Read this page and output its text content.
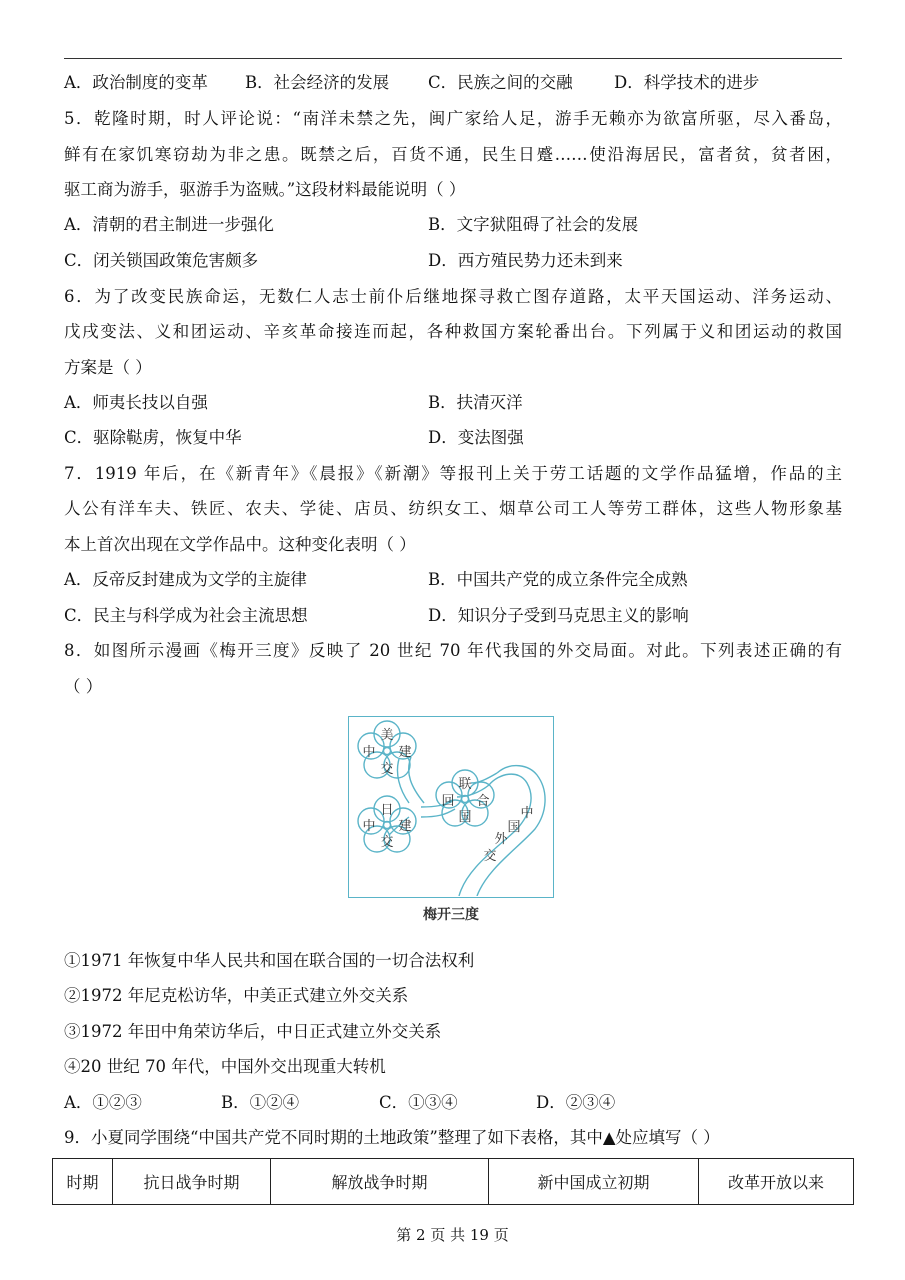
A．政治制度的变革 B．社会经济的发展 C．民族之间的交融	D．科学技术的进步
5．乾隆时期，时人评论说：“南洋未禁之先，闽广家给人足，游手无赖亦为欲富所驱，尽入番岛，
鲜有在家饥寒窃劫为非之患。既禁之后，百货不通，民生日蹙……使沿海居民，富者贫，贫者困，
驱工商为游手，驱游手为盗贼。”这段材料最能说明（ ）
A．清朝的君主制进一步强化	B．文字狱阻碍了社会的发展
C．闭关锁国政策危害颇多	D．西方殖民势力还未到来
6．为了改变民族命运，无数仁人志士前仆后继地探寻救亡图存道路，太平天国运动、洋务运动、
戊戌变法、义和团运动、辛亥革命接连而起，各种救国方案轮番出台。下列属于义和团运动的救国
方案是（ ）
A．师夷长技以自强	B．扶清灭洋
C．驱除鞑虏，恢复中华	D．变法图强
7．1919 年后，在《新青年》《晨报》《新潮》等报刊上关于劳工话题的文学作品猛增，作品的主
人公有洋车夫、铁匠、农夫、学徒、店员、纺织女工、烟草公司工人等劳工群体，这些人物形象基
本上首次出现在文学作品中。这种变化表明（ ）
A．反帝反封建成为文学的主旋律	B．中国共产党的成立条件完全成熟
C．民主与科学成为社会主流思想	D．知识分子受到马克思主义的影响
8．如图所示漫画《梅开三度》反映了 20 世纪 70 年代我国的外交局面。对此。下列表述正确的有
（ ）
美
中 建
交
日
中 建
交
联
回 合
国	中
国
外
交
梅开三度
①1971 年恢复中华人民共和国在联合国的一切合法权利
②1972 年尼克松访华，中美正式建立外交关系
③1972 年田中角荣访华后，中日正式建立外交关系
④20 世纪 70 年代，中国外交出现重大转机
A．①②③	B．①②④	C．①③④	D．②③④
9．小夏同学围绕“中国共产党不同时期的土地政策”整理了如下表格，其中▲处应填写（ ）
时期	抗日战争时期	解放战争时期	新中国成立初期	改革开放以来
第 2 页 共 19 页
